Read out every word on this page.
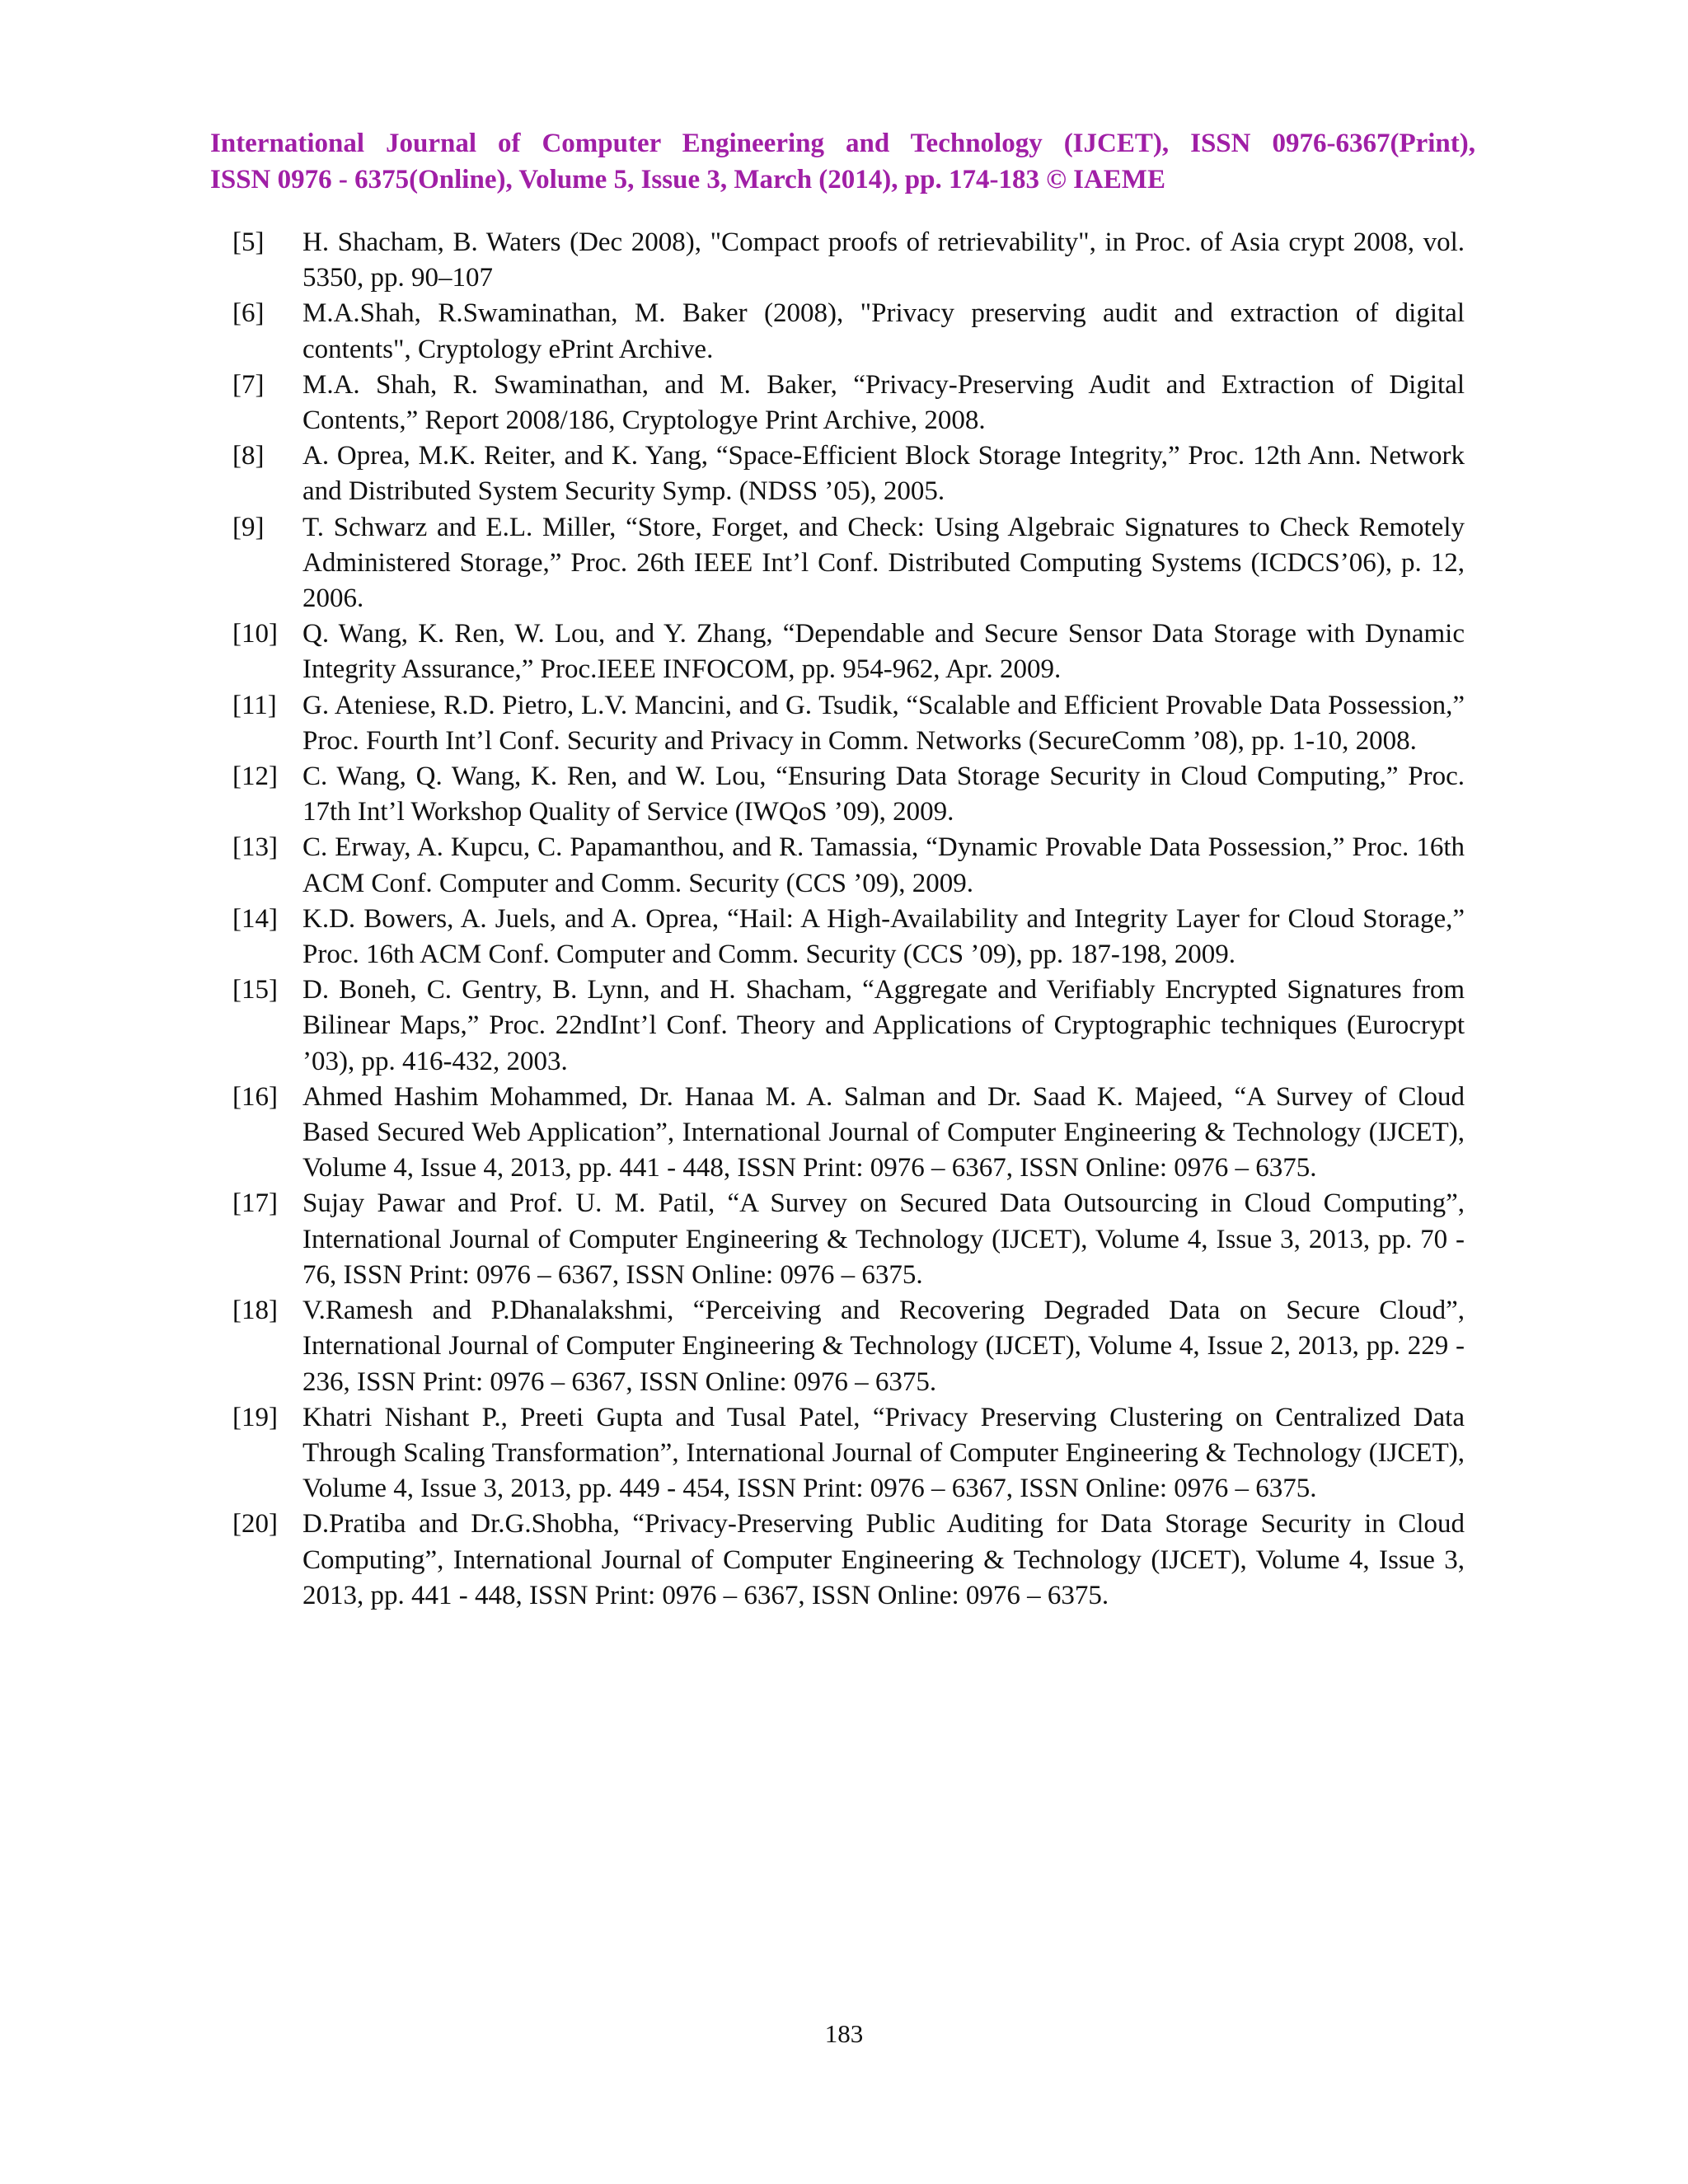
International Journal of Computer Engineering and Technology (IJCET), ISSN 0976-6367(Print),
ISSN 0976 - 6375(Online), Volume 5, Issue 3, March (2014), pp. 174-183 © IAEME
[5] H. Shacham, B. Waters (Dec 2008), "Compact proofs of retrievability", in Proc. of Asia crypt 2008, vol. 5350, pp. 90–107
[6] M.A.Shah, R.Swaminathan, M. Baker (2008), "Privacy preserving audit and extraction of digital contents", Cryptology ePrint Archive.
[7] M.A. Shah, R. Swaminathan, and M. Baker, “Privacy-Preserving Audit and Extraction of Digital Contents,” Report 2008/186, Cryptologye Print Archive, 2008.
[8] A. Oprea, M.K. Reiter, and K. Yang, “Space-Efficient Block Storage Integrity,” Proc. 12th Ann. Network and Distributed System Security Symp. (NDSS ’05), 2005.
[9] T. Schwarz and E.L. Miller, “Store, Forget, and Check: Using Algebraic Signatures to Check Remotely Administered Storage,” Proc. 26th IEEE Int’l Conf. Distributed Computing Systems (ICDCS’06), p. 12, 2006.
[10] Q. Wang, K. Ren, W. Lou, and Y. Zhang, “Dependable and Secure Sensor Data Storage with Dynamic Integrity Assurance,” Proc.IEEE INFOCOM, pp. 954-962, Apr. 2009.
[11] G. Ateniese, R.D. Pietro, L.V. Mancini, and G. Tsudik, “Scalable and Efficient Provable Data Possession,” Proc. Fourth Int’l Conf. Security and Privacy in Comm. Networks (SecureComm ’08), pp. 1-10, 2008.
[12] C. Wang, Q. Wang, K. Ren, and W. Lou, “Ensuring Data Storage Security in Cloud Computing,” Proc. 17th Int’l Workshop Quality of Service (IWQoS ’09), 2009.
[13] C. Erway, A. Kupcu, C. Papamanthou, and R. Tamassia, “Dynamic Provable Data Possession,” Proc. 16th ACM Conf. Computer and Comm. Security (CCS ’09), 2009.
[14] K.D. Bowers, A. Juels, and A. Oprea, “Hail: A High-Availability and Integrity Layer for Cloud Storage,” Proc. 16th ACM Conf. Computer and Comm. Security (CCS ’09), pp. 187-198, 2009.
[15] D. Boneh, C. Gentry, B. Lynn, and H. Shacham, “Aggregate and Verifiably Encrypted Signatures from Bilinear Maps,” Proc. 22ndInt’l Conf. Theory and Applications of Cryptographic techniques (Eurocrypt ’03), pp. 416-432, 2003.
[16] Ahmed Hashim Mohammed, Dr. Hanaa M. A. Salman and Dr. Saad K. Majeed, “A Survey of Cloud Based Secured Web Application”, International Journal of Computer Engineering & Technology (IJCET), Volume 4, Issue 4, 2013, pp. 441 - 448, ISSN Print: 0976 – 6367, ISSN Online: 0976 – 6375.
[17] Sujay Pawar and Prof. U. M. Patil, “A Survey on Secured Data Outsourcing in Cloud Computing”, International Journal of Computer Engineering & Technology (IJCET), Volume 4, Issue 3, 2013, pp. 70 - 76, ISSN Print: 0976 – 6367, ISSN Online: 0976 – 6375.
[18] V.Ramesh and P.Dhanalakshmi, “Perceiving and Recovering Degraded Data on Secure Cloud”, International Journal of Computer Engineering & Technology (IJCET), Volume 4, Issue 2, 2013, pp. 229 - 236, ISSN Print: 0976 – 6367, ISSN Online: 0976 – 6375.
[19] Khatri Nishant P., Preeti Gupta and Tusal Patel, “Privacy Preserving Clustering on Centralized Data Through Scaling Transformation”, International Journal of Computer Engineering & Technology (IJCET), Volume 4, Issue 3, 2013, pp. 449 - 454, ISSN Print: 0976 – 6367, ISSN Online: 0976 – 6375.
[20] D.Pratiba and Dr.G.Shobha, “Privacy-Preserving Public Auditing for Data Storage Security in Cloud Computing”, International Journal of Computer Engineering & Technology (IJCET), Volume 4, Issue 3, 2013, pp. 441 - 448, ISSN Print: 0976 – 6367, ISSN Online: 0976 – 6375.
183
